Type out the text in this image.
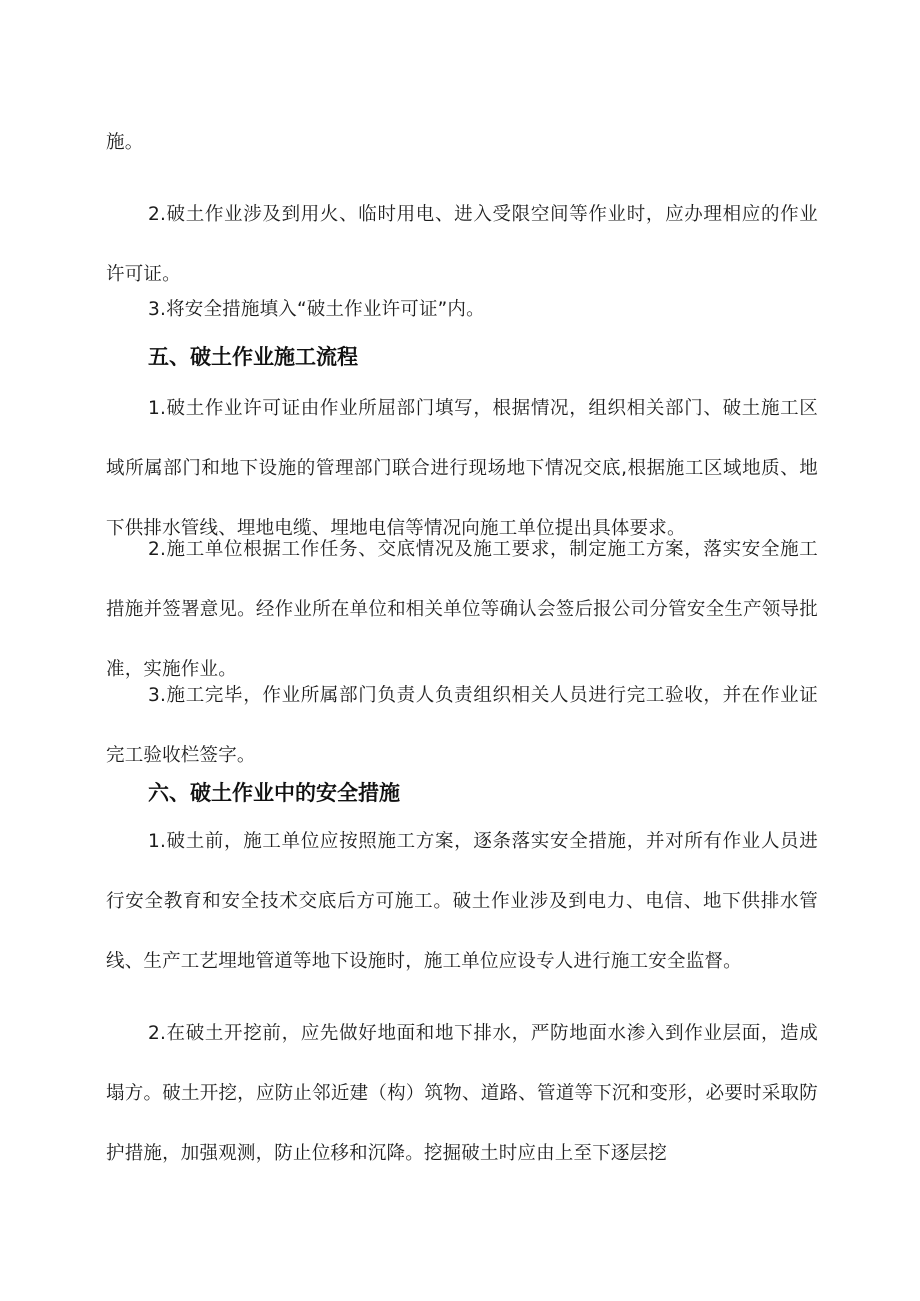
施。

2.破土作业涉及到用火、临时用电、进入受限空间等作业时，应办理相应的作业许可证。

3.将安全措施填入“破土作业许可证”内。

五、破土作业施工流程

1.破土作业许可证由作业所屈部门填写，根据情况，组织相关部门、破土施工区域所属部门和地下设施的管理部门联合进行现场地下情况交底,根据施工区域地质、地下供排水管线、埋地电缆、埋地电信等情况向施工单位提出具体要求。

2.施工单位根据工作任务、交底情况及施工要求，制定施工方案，落实安全施工措施并签署意见。经作业所在单位和相关单位等确认会签后报公司分管安全生产领导批准，实施作业。

3.施工完毕，作业所属部门负责人负责组织相关人员进行完工验收，并在作业证完工验收栏签字。

六、破土作业中的安全措施

1.破土前，施工单位应按照施工方案，逐条落实安全措施，并对所有作业人员进行安全教育和安全技术交底后方可施工。破土作业涉及到电力、电信、地下供排水管线、生产工艺埋地管道等地下设施时，施工单位应设专人进行施工安全监督。

2.在破土开挖前，应先做好地面和地下排水，严防地面水渗入到作业层面，造成塌方。破土开挖，应防止邻近建（构）筑物、道路、管道等下沉和变形，必要时采取防护措施，加强观测，防止位移和沉降。挖掘破土时应由上至下逐层挖
